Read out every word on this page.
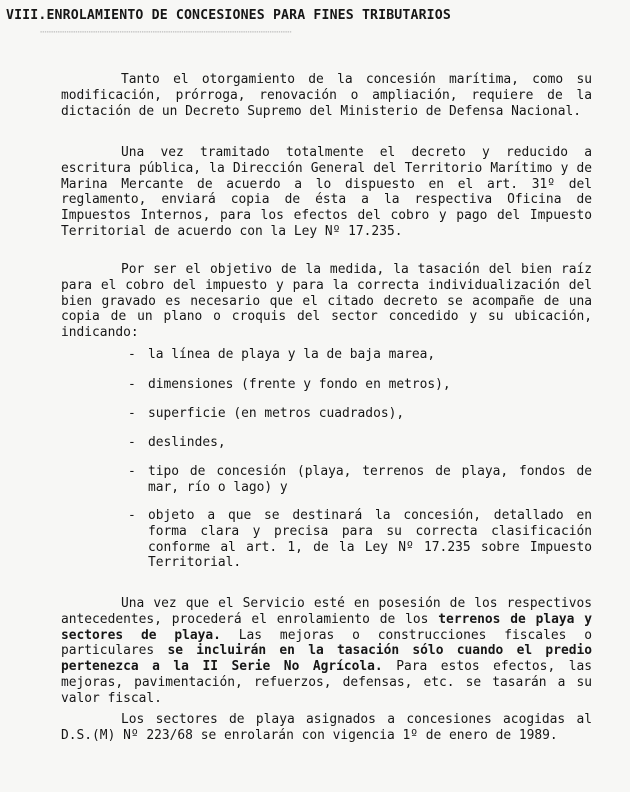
……………………………………………………………………………………………………
VIII.ENROLAMIENTO DE CONCESIONES PARA FINES TRIBUTARIOS
Tanto el otorgamiento de la concesión marítima, como su modificación, prórroga, renovación o ampliación, requiere de la dictación de un Decreto Supremo del Ministerio de Defensa Nacional.
Una vez tramitado totalmente el decreto y reducido a escritura pública, la Dirección General del Territorio Marítimo y de Marina Mercante de acuerdo a lo dispuesto en el art. 31º del reglamento, enviará copia de ésta a la respectiva Oficina de Impuestos Internos, para los efectos del cobro y pago del Impuesto Territorial de acuerdo con la Ley Nº 17.235.
Por ser el objetivo de la medida, la tasación del bien raíz para el cobro del impuesto y para la correcta individualización del bien gravado es necesario que el citado decreto se acompañe de una copia de un plano o croquis del sector concedido y su ubicación, indicando:
- la línea de playa y la de baja marea,
- dimensiones (frente y fondo en metros),
- superficie (en metros cuadrados),
- deslindes,
- tipo de concesión (playa, terrenos de playa, fondos de mar, río o lago) y
- objeto a que se destinará la concesión, detallado en forma clara y precisa para su correcta clasificación conforme al art. 1, de la Ley Nº 17.235 sobre Impuesto Territorial.
Una vez que el Servicio esté en posesión de los respectivos antecedentes, procederá el enrolamiento de los terrenos de playa y sectores de playa. Las mejoras o construcciones fiscales o particulares se incluirán en la tasación sólo cuando el predio pertenezca a la II Serie No Agrícola. Para estos efectos, las mejoras, pavimentación, refuerzos, defensas, etc. se tasarán a su valor fiscal.
Los sectores de playa asignados a concesiones acogidas al D.S.(M) Nº 223/68 se enrolarán con vigencia 1º de enero de 1989.
